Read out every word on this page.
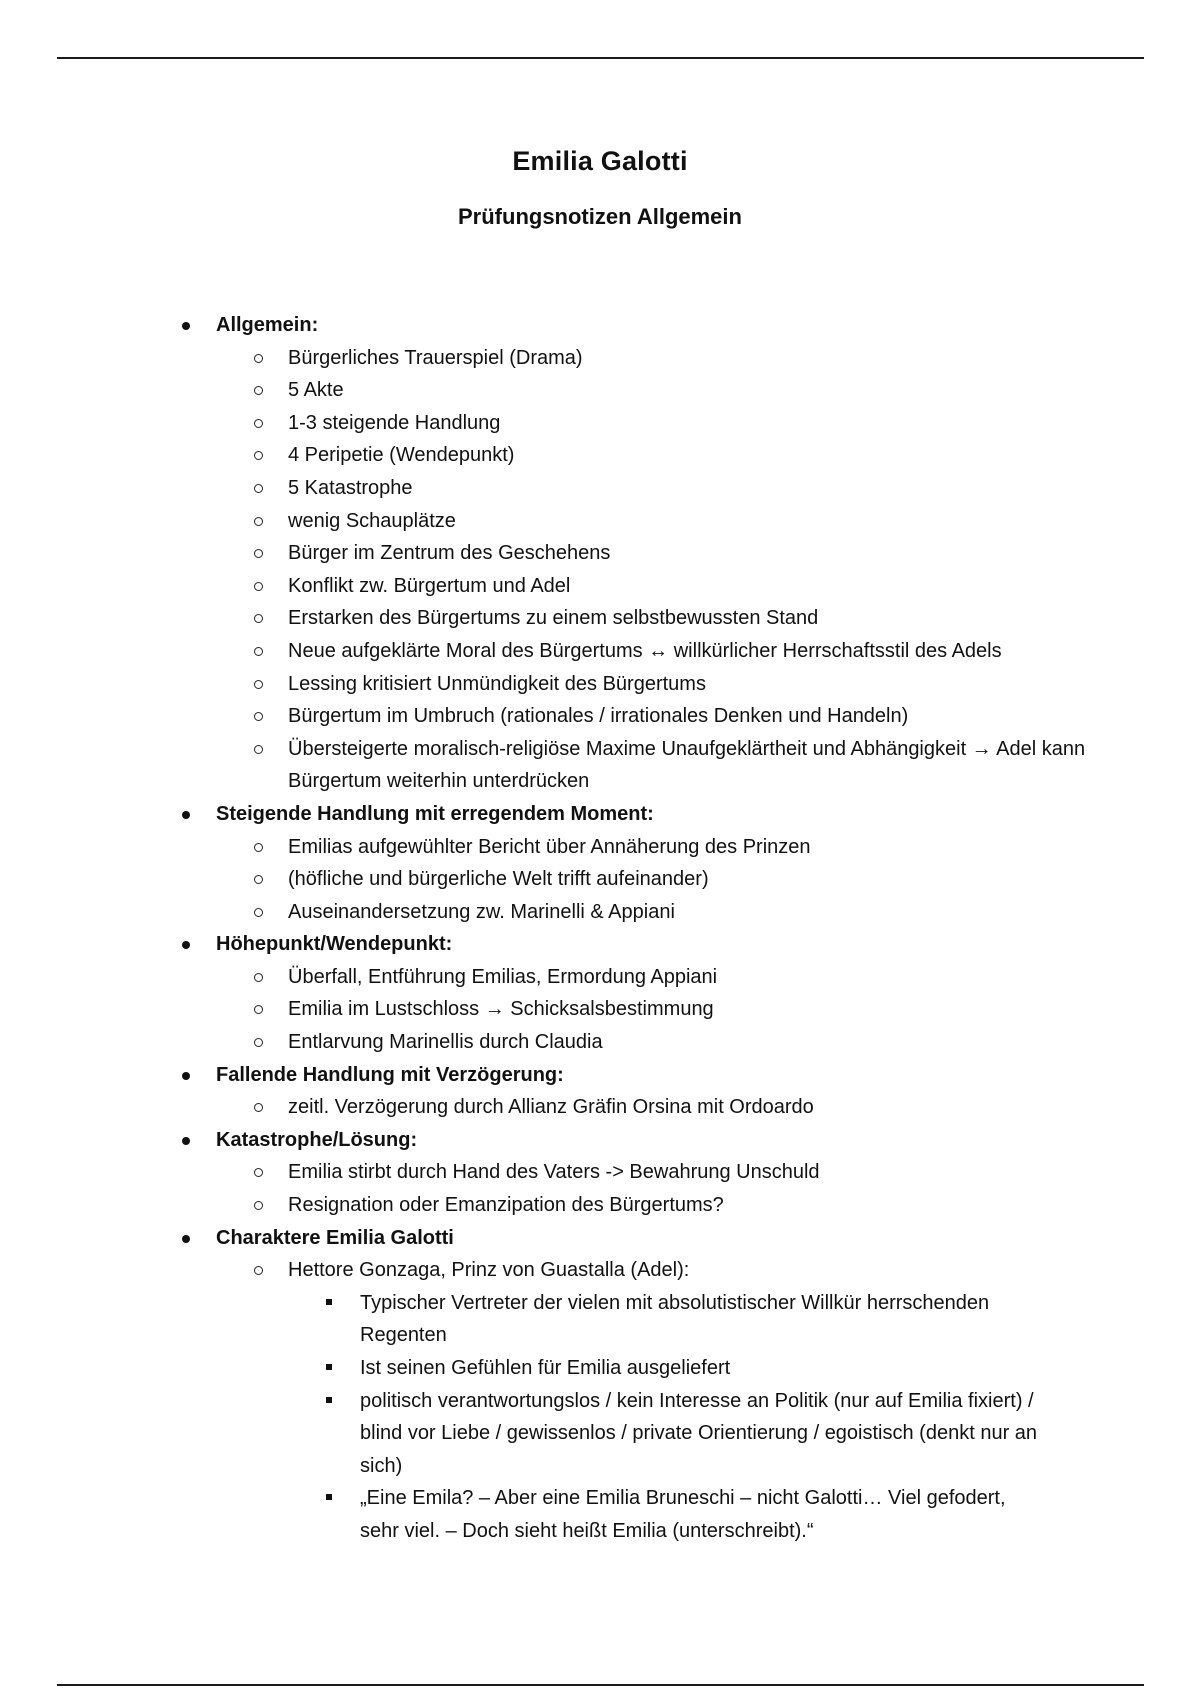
Emilia Galotti
Prüfungsnotizen Allgemein
Allgemein:
Bürgerliches Trauerspiel (Drama)
5 Akte
1-3 steigende Handlung
4 Peripetie (Wendepunkt)
5 Katastrophe
wenig Schauplätze
Bürger im Zentrum des Geschehens
Konflikt zw. Bürgertum und Adel
Erstarken des Bürgertums zu einem selbstbewussten Stand
Neue aufgeklärte Moral des Bürgertums ↔ willkürlicher Herrschaftsstil des Adels
Lessing kritisiert Unmündigkeit des Bürgertums
Bürgertum im Umbruch (rationales / irrationales Denken und Handeln)
Übersteigerte moralisch-religiöse Maxime Unaufgeklärtheit und Abhängigkeit → Adel kann Bürgertum weiterhin unterdrücken
Steigende Handlung mit erregendem Moment:
Emilias aufgewühlter Bericht über Annäherung des Prinzen
(höfliche und bürgerliche Welt trifft aufeinander)
Auseinandersetzung zw. Marinelli & Appiani
Höhepunkt/Wendepunkt:
Überfall, Entführung Emilias, Ermordung Appiani
Emilia im Lustschloss → Schicksalsbestimmung
Entlarvung Marinellis durch Claudia
Fallende Handlung mit Verzögerung:
zeitl. Verzögerung durch Allianz Gräfin Orsina mit Ordoardo
Katastrophe/Lösung:
Emilia stirbt durch Hand des Vaters -> Bewahrung Unschuld
Resignation oder Emanzipation des Bürgertums?
Charaktere Emilia Galotti
Hettore Gonzaga, Prinz von Guastalla (Adel):
Typischer Vertreter der vielen mit absolutistischer Willkür herrschenden Regenten
Ist seinen Gefühlen für Emilia ausgeliefert
politisch verantwortungslos / kein Interesse an Politik (nur auf Emilia fixiert) / blind vor Liebe / gewissenlos / private Orientierung / egoistisch (denkt nur an sich)
„Eine Emila? – Aber eine Emilia Bruneschi – nicht Galotti… Viel gefodert, sehr viel. – Doch sieht heißt Emilia (unterschreibt).“
